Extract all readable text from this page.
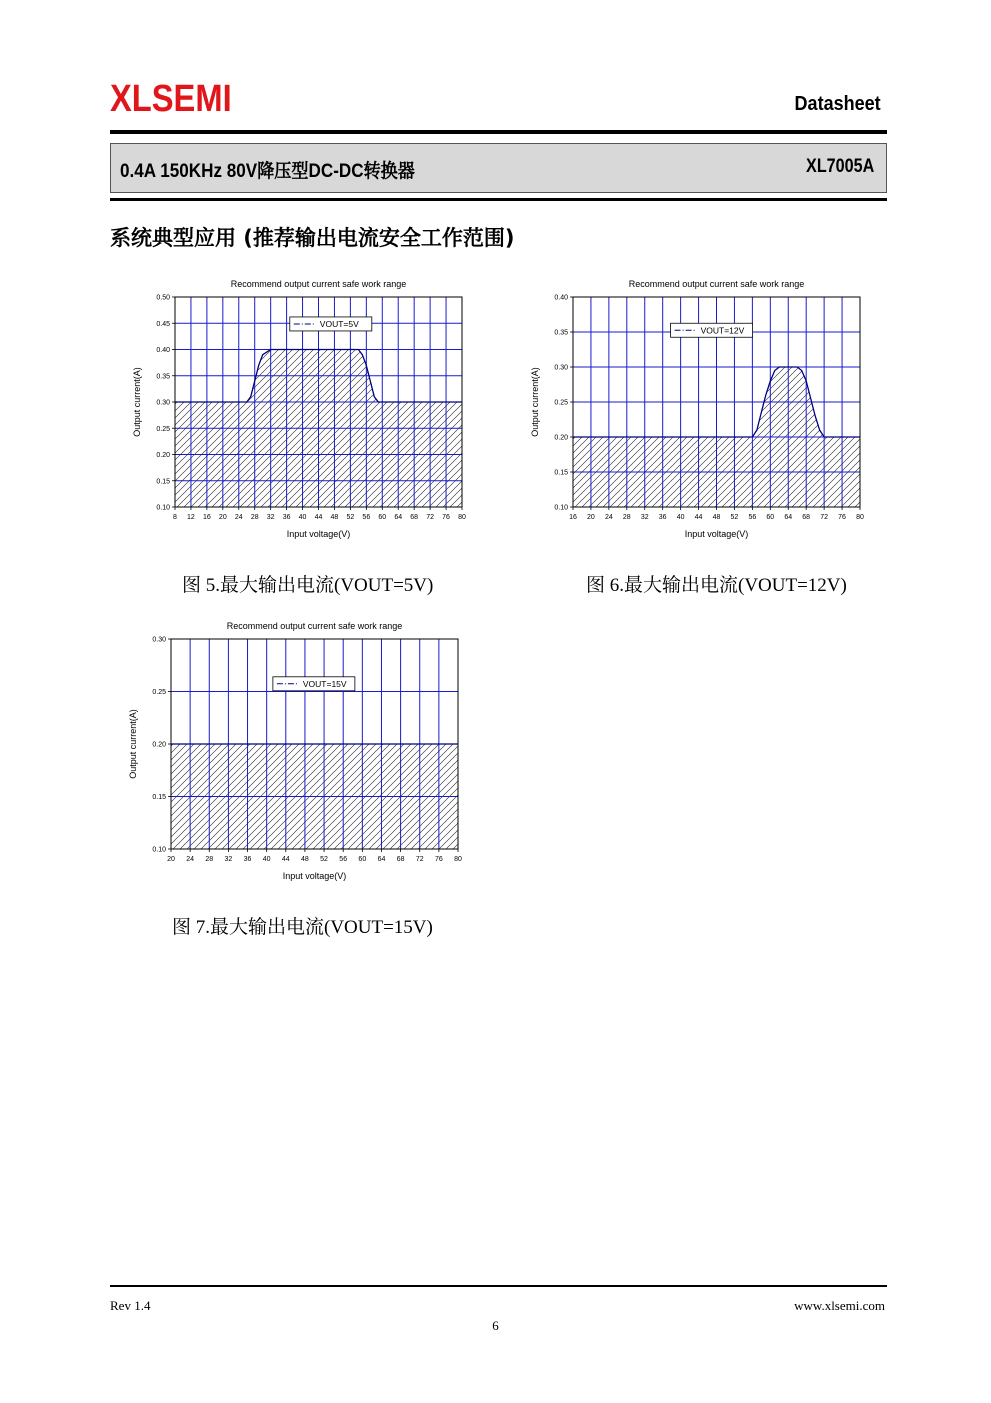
XLSEMI	Datasheet
0.4A 150KHz 80V降压型DC-DC转换器	XL7005A
系统典型应用 (推荐输出电流安全工作范围)
8 12 16 20 24 28 32 36 40 44 48 52 56 60 64 68 72 76 80
0.10
0.15
0.20
0.25
0.30
0.35
0.40
0.45
0.50
Recommend output current safe work range
Input voltage(V)
Output current(A)
VOUT=5V
图 5.最大输出电流(VOUT=5V)
16 20 24 28 32 36 40 44 48 52 56 60 64 68 72 76 80
0.10
0.15
0.20
0.25
0.30
0.35
0.40
Recommend output current safe work range
Input voltage(V)
Output current(A)
VOUT=12V
图 6.最大输出电流(VOUT=12V)
20 24 28 32 36 40 44 48 52 56 60 64 68 72 76 80
0.10
0.15
0.20
0.25
0.30
Recommend output current safe work range
Input voltage(V)
Output current(A)
VOUT=15V
图 7.最大输出电流(VOUT=15V)
Rev 1.4	www.xlsemi.com
6
